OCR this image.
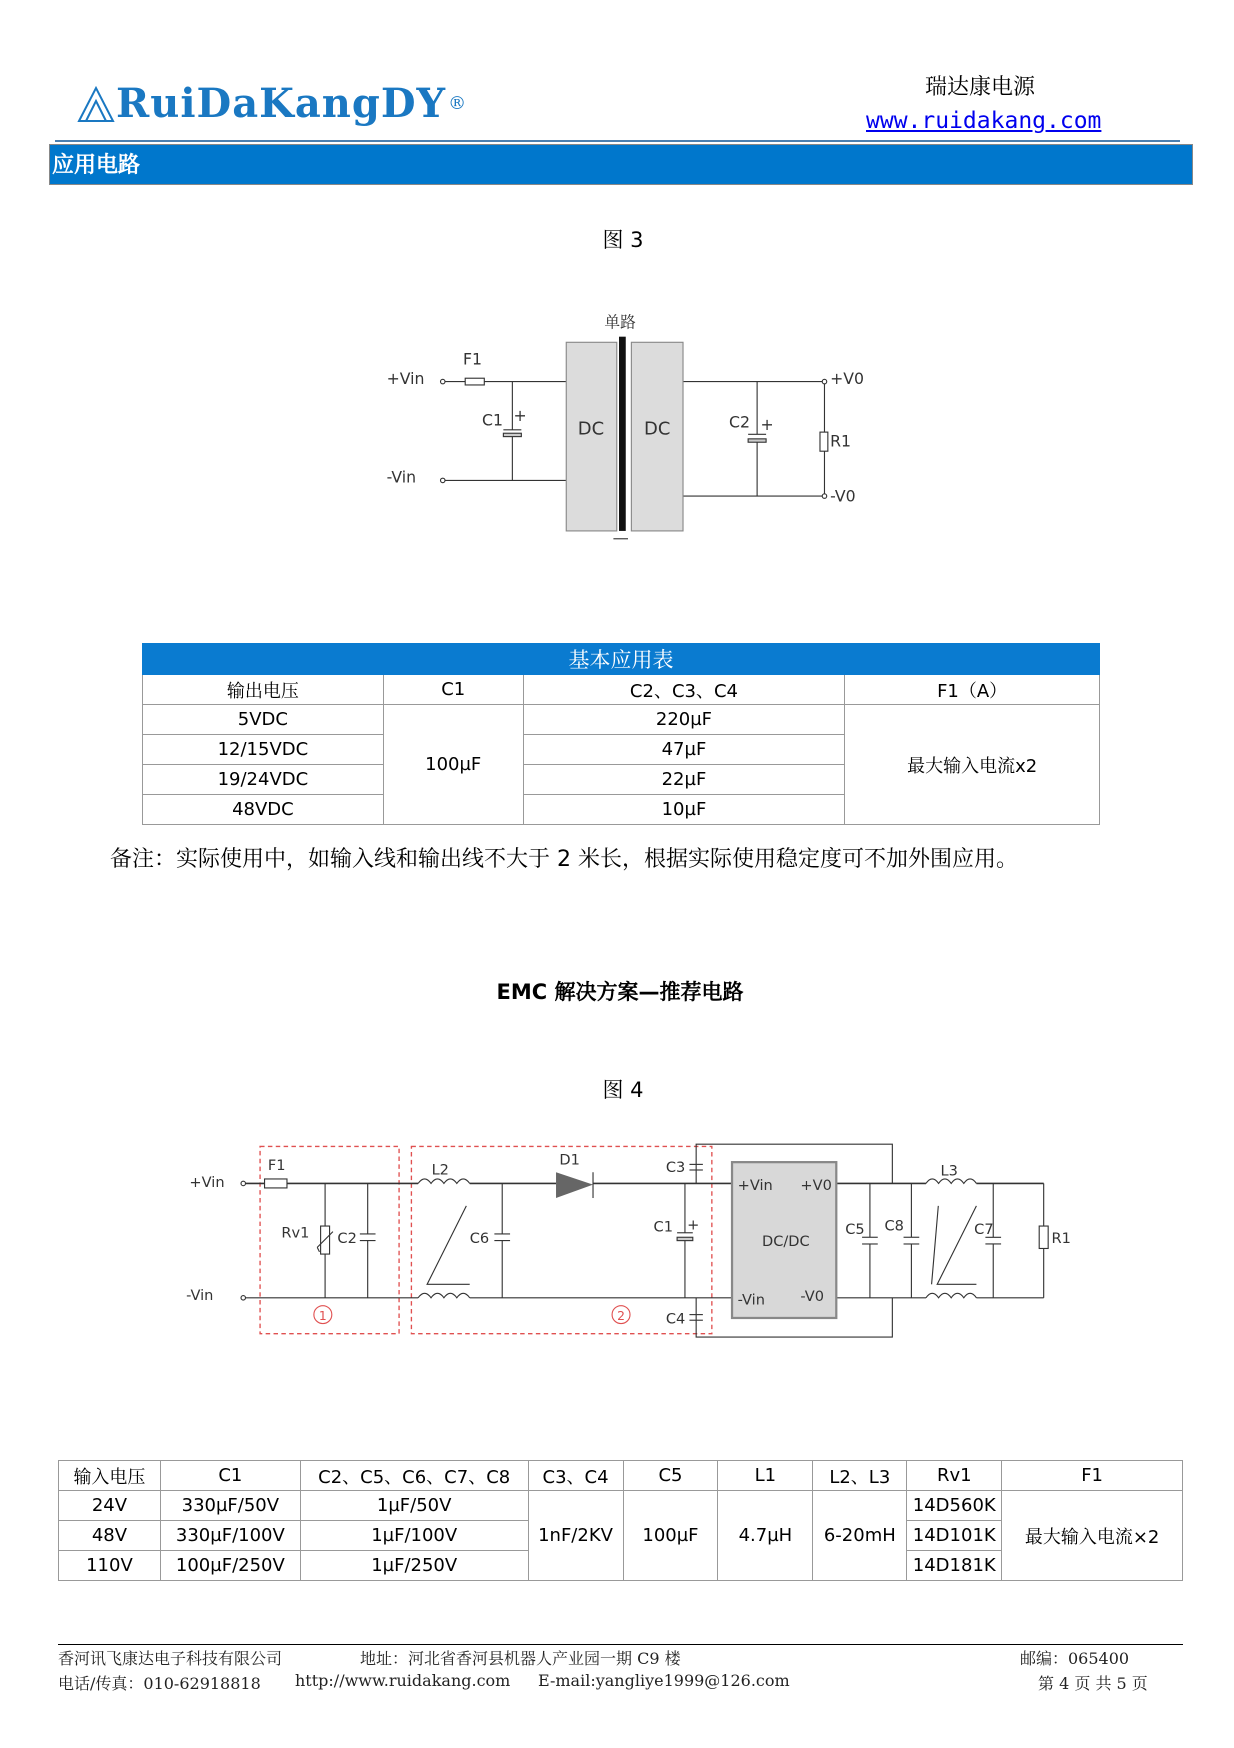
RuiDaKangDY ®
瑞达康电源
www.ruidakang.com
应用电路
图 3
单路
+Vin
-Vin
F1
C1 +
DC DC	C2 +
R1
+V0
-V0
基本应用表			
输出电压	C1	C2、C3、C4	F1（A）
5VDC	100µF	220µF	最大输入电流x2
12/15VDC		47µF	
19/24VDC		22µF	
48VDC		10µF	
备注：实际使用中，如输入线和输出线不大于 2 米长，根据实际使用稳定度可不加外围应用。
EMC 解决方案—推荐电路
图 4
+Vin
-Vin
F1
Rv1 C2
L2
C6
D1	C3
C1 +
C4
+Vin +V0
DC/DC
-Vin	-V0
C5 C8
L3
C7
R1
1	2
输入电压	C1	C2、C5、C6、C7、C8	C3、C4	C5	L1	L2、L3	Rv1	F1
24V	330µF/50V	1µF/50V	1nF/2KV	100µF	4.7µH	6-20mH	14D560K	最大输入电流×2
48V	330µF/100V	1µF/100V					14D101K	
110V	100µF/250V	1µF/250V					14D181K	
香河讯飞康达电子科技有限公司	地址：河北省香河县机器人产业园一期 C9 楼	邮编：065400
电话/传真：010-62918818 http://www.ruidakang.com E-mail:yangliye1999@126.com	第 4 页 共 5 页
